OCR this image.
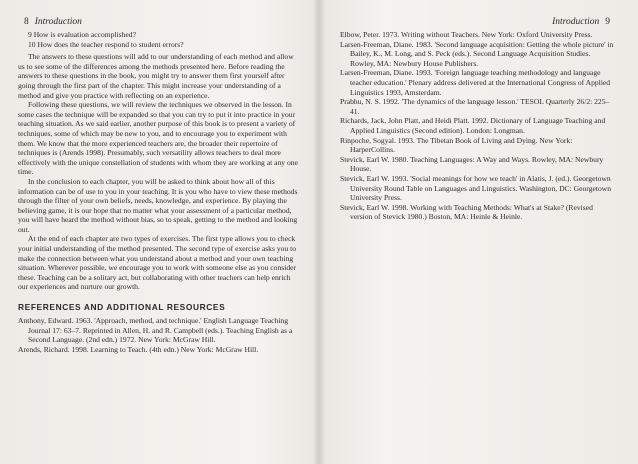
8 Introduction
9 How is evaluation accomplished?
10 How does the teacher respond to student errors?

The answers to these questions will add to our understanding of each method and allow us to see some of the differences among the methods presented here. Before reading the answers to these questions in the book, you might try to answer them first yourself after going through the first part of the chapter. This might increase your understanding of a method and give you practice with reflecting on an experience.

Following these questions, we will review the techniques we observed in the lesson. In some cases the technique will be expanded so that you can try to put it into practice in your teaching situation. As we said earlier, another purpose of this book is to present a variety of techniques, some of which may be new to you, and to encourage you to experiment with them. We know that the more experienced teachers are, the broader their repertoire of techniques is (Arends 1998). Presumably, such versatility allows teachers to deal more effectively with the unique constellation of students with whom they are working at any one time.

In the conclusion to each chapter, you will be asked to think about how all of this information can be of use to you in your teaching. It is you who have to view these methods through the filter of your own beliefs, needs, knowledge, and experience. By playing the believing game, it is our hope that no matter what your assessment of a particular method, you will have heard the method without bias, so to speak, getting to the method and looking out.

At the end of each chapter are two types of exercises. The first type allows you to check your initial understanding of the method presented. The second type of exercise asks you to make the connection between what you understand about a method and your own teaching situation. Wherever possible, we encourage you to work with someone else as you consider these. Teaching can be a solitary act, but collaborating with other teachers can help enrich our experiences and nurture our growth.

REFERENCES AND ADDITIONAL RESOURCES

Anthony, Edward. 1963. 'Approach, method, and technique.' English Language Teaching Journal 17: 63–7. Reprinted in Allen, H. and R. Campbell (eds.). Teaching English as a Second Language. (2nd edn.) 1972. New York: McGraw Hill.

Arends, Richard. 1998. Learning to Teach. (4th edn.) New York: McGraw Hill.

Introduction 9

Elbow, Peter. 1973. Writing without Teachers. New York: Oxford University Press.

Larsen-Freeman, Diane. 1983. 'Second language acquisition: Getting the whole picture' in Bailey, K., M. Long, and S. Peck (eds.). Second Language Acquisition Studies. Rowley, MA: Newbury House Publishers.

Larsen-Freeman, Diane. 1993. 'Foreign language teaching methodology and language teacher education.' Plenary address delivered at the International Congress of Applied Linguistics 1993, Amsterdam.

Prabhu, N. S. 1992. 'The dynamics of the language lesson.' TESOL Quarterly 26/2: 225–41.

Richards, Jack, John Platt, and Heidi Platt. 1992. Dictionary of Language Teaching and Applied Linguistics (Second edition). London: Longman.

Rinpoche, Sogyal. 1993. The Tibetan Book of Living and Dying. New York: HarperCollins.

Stevick, Earl W. 1980. Teaching Languages: A Way and Ways. Rowley, MA: Newbury House.

Stevick, Earl W. 1993. 'Social meanings for how we teach' in Alatis, J. (ed.). Georgetown University Round Table on Languages and Linguistics. Washington, DC: Georgetown University Press.

Stevick, Earl W. 1998. Working with Teaching Methods: What's at Stake? (Revised version of Stevick 1980.) Boston, MA: Heinle & Heinle.
